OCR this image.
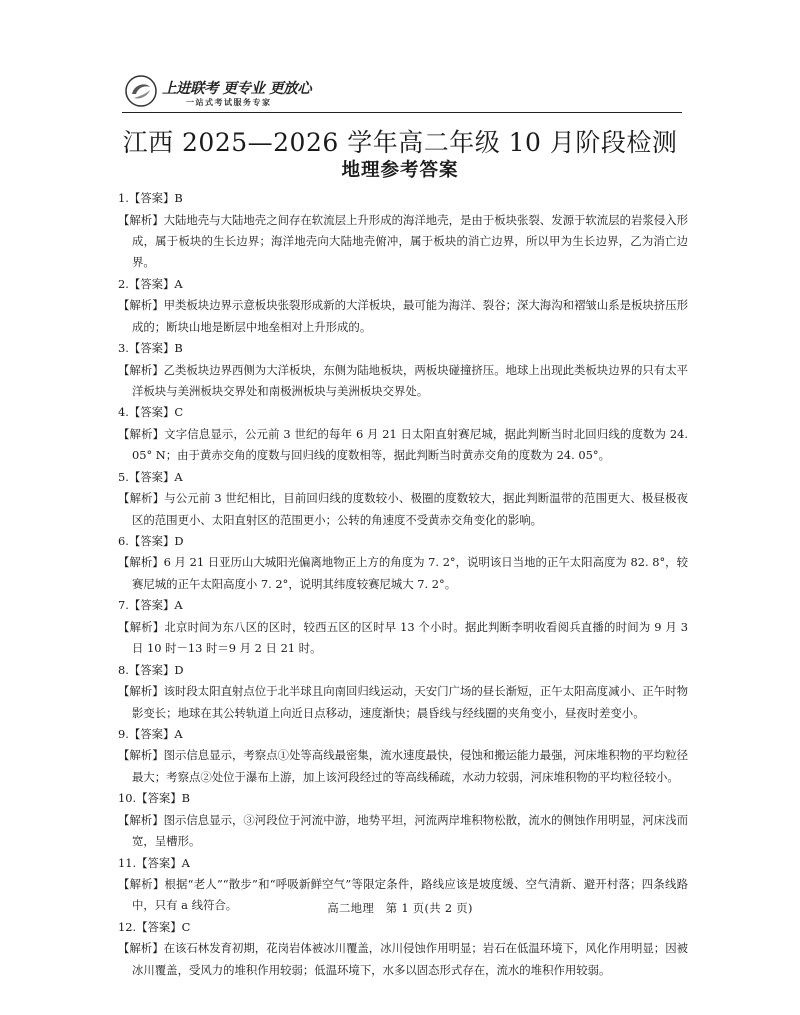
上进联考 更专业 更放心
一站式考试服务专家
江西 2025—2026 学年高二年级 10 月阶段检测
地理参考答案
1.【答案】B
【解析】大陆地壳与大陆地壳之间存在软流层上升形成的海洋地壳，是由于板块张裂、发源于软流层的岩浆侵入形成，属于板块的生长边界；海洋地壳向大陆地壳俯冲，属于板块的消亡边界，所以甲为生长边界，乙为消亡边界。
2.【答案】A
【解析】甲类板块边界示意板块张裂形成新的大洋板块，最可能为海洋、裂谷；深大海沟和褶皱山系是板块挤压形成的；断块山地是断层中地垒相对上升形成的。
3.【答案】B
【解析】乙类板块边界西侧为大洋板块，东侧为陆地板块，两板块碰撞挤压。地球上出现此类板块边界的只有太平洋板块与美洲板块交界处和南极洲板块与美洲板块交界处。
4.【答案】C
【解析】文字信息显示，公元前 3 世纪的每年 6 月 21 日太阳直射赛尼城，据此判断当时北回归线的度数为 24. 05° N；由于黄赤交角的度数与回归线的度数相等，据此判断当时黄赤交角的度数为 24. 05°。
5.【答案】A
【解析】与公元前 3 世纪相比，目前回归线的度数较小、极圈的度数较大，据此判断温带的范围更大、极昼极夜区的范围更小、太阳直射区的范围更小；公转的角速度不受黄赤交角变化的影响。
6.【答案】D
【解析】6 月 21 日亚历山大城阳光偏离地物正上方的角度为 7. 2°，说明该日当地的正午太阳高度为 82. 8°，较赛尼城的正午太阳高度小 7. 2°，说明其纬度较赛尼城大 7. 2°。
7.【答案】A
【解析】北京时间为东八区的区时，较西五区的区时早 13 个小时。据此判断李明收看阅兵直播的时间为 9 月 3 日 10 时－13 时＝9 月 2 日 21 时。
8.【答案】D
【解析】该时段太阳直射点位于北半球且向南回归线运动，天安门广场的昼长渐短，正午太阳高度减小、正午时物影变长；地球在其公转轨道上向近日点移动，速度渐快；晨昏线与经线圈的夹角变小，昼夜时差变小。
9.【答案】A
【解析】图示信息显示，考察点①处等高线最密集，流水速度最快，侵蚀和搬运能力最强，河床堆积物的平均粒径最大；考察点②处位于瀑布上游，加上该河段经过的等高线稀疏，水动力较弱，河床堆积物的平均粒径较小。
10.【答案】B
【解析】图示信息显示，③河段位于河流中游，地势平坦，河流两岸堆积物松散，流水的侧蚀作用明显，河床浅而宽，呈槽形。
11.【答案】A
【解析】根据“老人”“散步”和“呼吸新鲜空气”等限定条件，路线应该是坡度缓、空气清新、避开村落；四条线路中，只有 a 线符合。
12.【答案】C
【解析】在该石林发育初期，花岗岩体被冰川覆盖，冰川侵蚀作用明显；岩石在低温环境下，风化作用明显；因被冰川覆盖，受风力的堆积作用较弱；低温环境下，水多以固态形式存在，流水的堆积作用较弱。
高二地理　第 1 页(共 2 页)
